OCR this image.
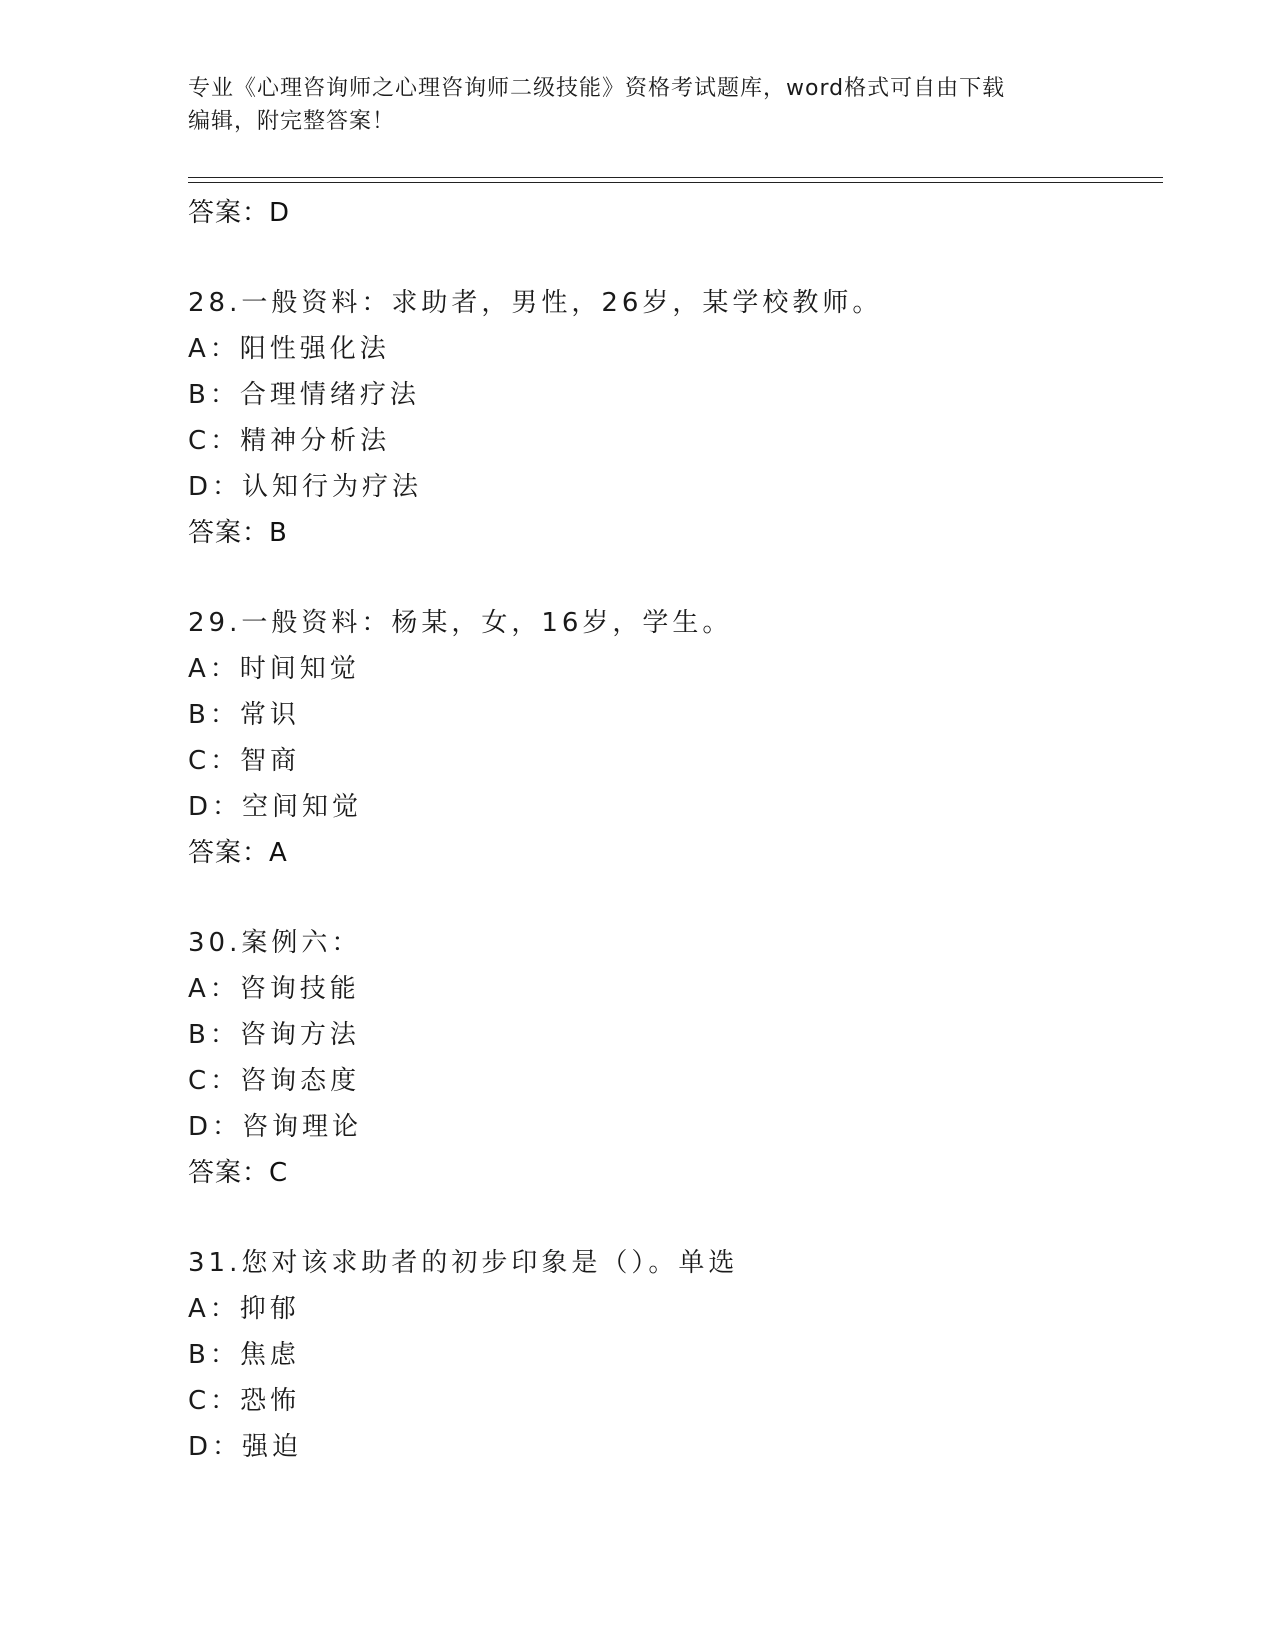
专业《心理咨询师之心理咨询师二级技能》资格考试题库，word格式可自由下载
编辑，附完整答案！
答案：D
28.一般资料：求助者，男性，26岁，某学校教师。
A：阳性强化法
B：合理情绪疗法
C：精神分析法
D：认知行为疗法
答案：B
29.一般资料：杨某，女，16岁，学生。
A：时间知觉
B：常识
C：智商
D：空间知觉
答案：A
30.案例六：
A：咨询技能
B：咨询方法
C：咨询态度
D：咨询理论
答案：C
31.您对该求助者的初步印象是（）。单选
A：抑郁
B：焦虑
C：恐怖
D：强迫
